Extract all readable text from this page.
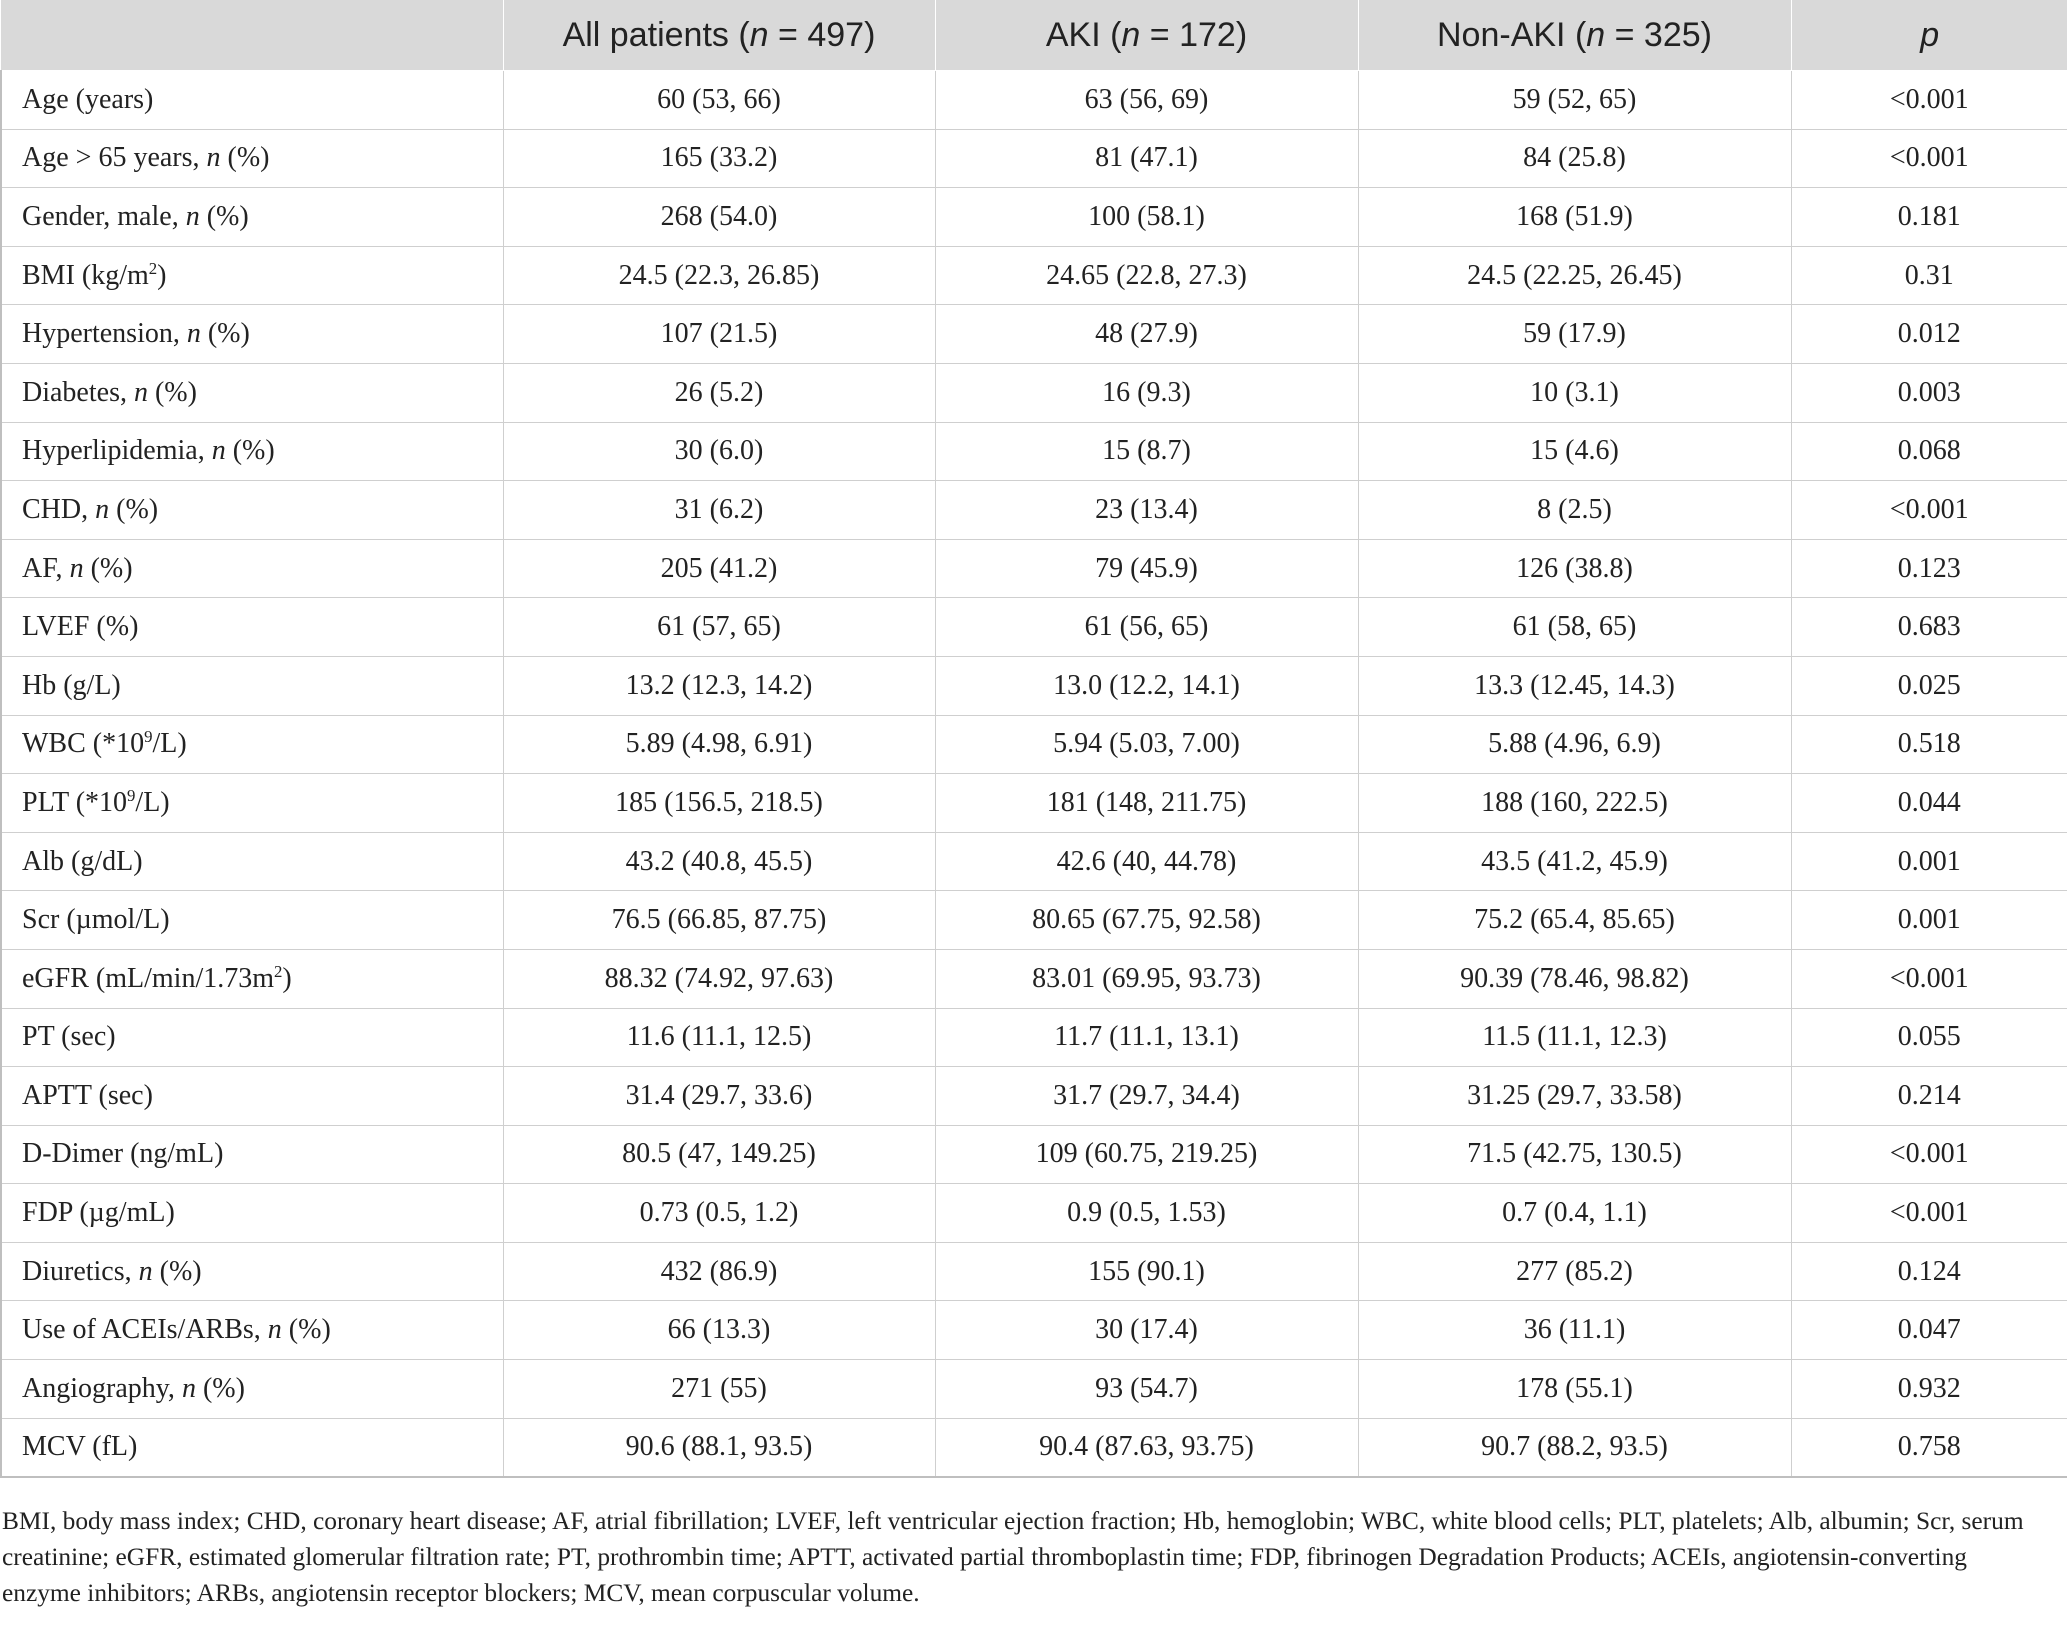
	All patients (n = 497)	AKI (n = 172)	Non-AKI (n = 325)	p
Age (years)	60 (53, 66)	63 (56, 69)	59 (52, 65)	<0.001
Age > 65 years, n (%)	165 (33.2)	81 (47.1)	84 (25.8)	<0.001
Gender, male, n (%)	268 (54.0)	100 (58.1)	168 (51.9)	0.181
BMI $(kg/m^2)$	24.5 (22.3, 26.85)	24.65 (22.8, 27.3)	24.5 (22.25, 26.45)	0.31
Hypertension, n (%)	107 (21.5)	48 (27.9)	59 (17.9)	0.012
Diabetes, n (%)	26 (5.2)	16 (9.3)	10 (3.1)	0.003
Hyperlipidemia, n (%)	30 (6.0)	15 (8.7)	15 (4.6)	0.068
CHD, n (%)	31 (6.2)	23 (13.4)	8 (2.5)	<0.001
AF, n (%)	205 (41.2)	79 (45.9)	126 (38.8)	0.123
LVEF (%)	61 (57, 65)	61 (56, 65)	61 (58, 65)	0.683
Hb (g/L)	13.2 (12.3, 14.2)	13.0 (12.2, 14.1)	13.3 (12.45, 14.3)	0.025
WBC $(*10^9/L)$	5.89 (4.98, 6.91)	5.94 (5.03, 7.00)	5.88 (4.96, 6.9)	0.518
PLT $(*10^9/L)$	185 (156.5, 218.5)	181 (148, 211.75)	188 (160, 222.5)	0.044
Alb (g/dL)	43.2 (40.8, 45.5)	42.6 (40, 44.78)	43.5 (41.2, 45.9)	0.001
Scr (µmol/L)	76.5 (66.85, 87.75)	80.65 (67.75, 92.58)	75.2 (65.4, 85.65)	0.001
eGFR $(mL/\min/1.73m^2)$	88.32 (74.92, 97.63)	83.01 (69.95, 93.73)	90.39 (78.46, 98.82)	<0.001
PT (sec)	11.6 (11.1, 12.5)	11.7 (11.1, 13.1)	11.5 (11.1, 12.3)	0.055
APTT (sec)	31.4 (29.7, 33.6)	31.7 (29.7, 34.4)	31.25 (29.7, 33.58)	0.214
D-Dimer (ng/mL)	80.5 (47, 149.25)	109 (60.75, 219.25)	71.5 (42.75, 130.5)	<0.001
FDP (µg/mL)	0.73 (0.5, 1.2)	0.9 (0.5, 1.53)	0.7 (0.4, 1.1)	<0.001
Diuretics, n (%)	432 (86.9)	155 (90.1)	277 (85.2)	0.124
Use of ACEIs/ARBs, n (%)	66 (13.3)	30 (17.4)	36 (11.1)	0.047
Angiography, n (%)	271 (55)	93 (54.7)	178 (55.1)	0.932
MCV (fL)	90.6 (88.1, 93.5)	90.4 (87.63, 93.75)	90.7 (88.2, 93.5)	0.758
BMI, body mass index; CHD, coronary heart disease; AF, atrial fibrillation; LVEF, left ventricular ejection fraction; Hb, hemoglobin; WBC, white blood cells; PLT, platelets; Alb, albumin; Scr, serum creatinine; eGFR, estimated glomerular filtration rate; PT, prothrombin time; APTT, activated partial thromboplastin time; FDP, fibrinogen Degradation Products; ACEIs, angiotensin-converting enzyme inhibitors; ARBs, angiotensin receptor blockers; MCV, mean corpuscular volume.
